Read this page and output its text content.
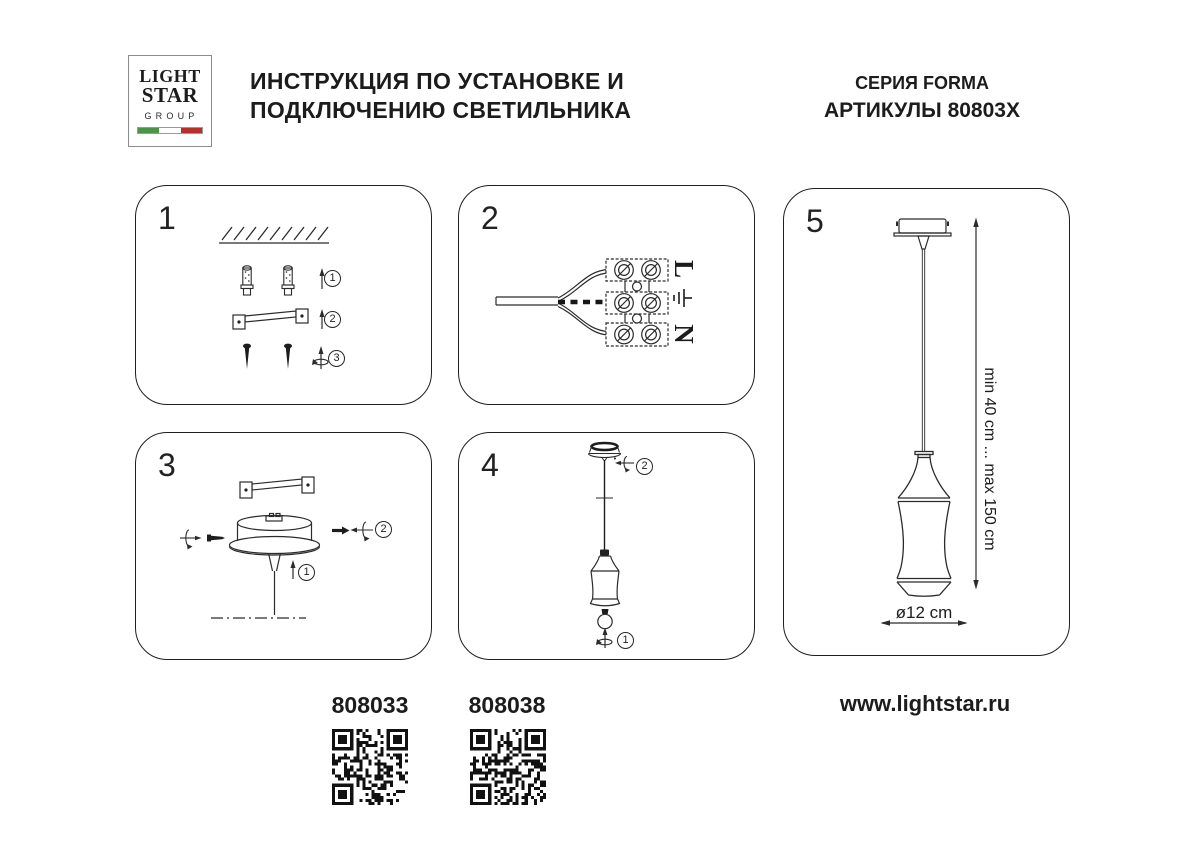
LIGHT
STAR
GROUP
ИНСТРУКЦИЯ ПО УСТАНОВКЕ И
ПОДКЛЮЧЕНИЮ СВЕТИЛЬНИКА
СЕРИЯ FORMA
АРТИКУЛЫ 80803X
1
1
2
3
2
L
N
3
2
1
4	2
1
5
min 40 cm ... max 150 cm
ø12 cm
808033	808038	www.lightstar.ru
